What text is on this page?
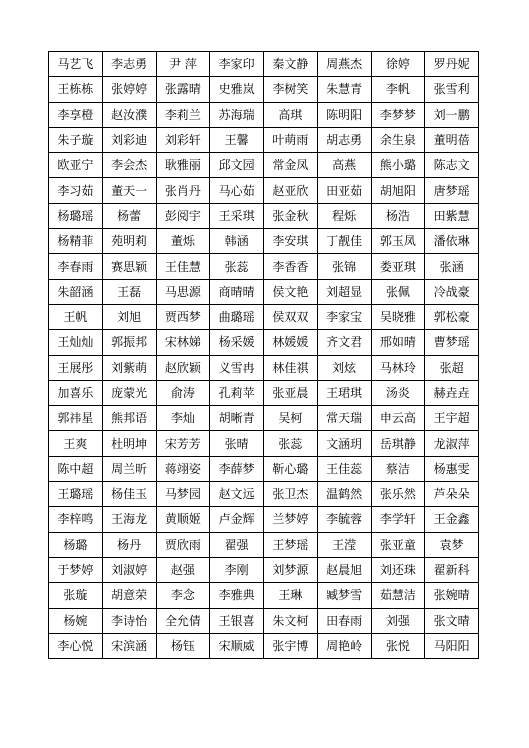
马艺飞	李志勇	尹 萍	李家印	秦文静	周燕杰	徐婷	罗丹妮
王栋栋	张婷婷	张露晴	史雅岚	李树笑	朱慧青	李帆	张雪利
李享橙	赵汝濮	李莉兰	苏海瑞	高琪	陈明阳	李梦梦	刘一鹏
朱子璇	刘彩迪	刘彩轩	王馨	叶萌雨	胡志勇	余生泉	董明蓓
欧亚宁	李会杰	耿雅丽	邱文园	常金凤	高燕	熊小璐	陈志文
李习茹	董天一	张肖丹	马心茹	赵亚欣	田亚茹	胡旭阳	唐梦瑶
杨璐瑶	杨蕾	彭阅宇	王采琪	张金秋	程烁	杨浩	田紫慧
杨精菲	苑明莉	董烁	韩涵	李安琪	丁靓佳	郭玉凤	潘依琳
李春雨	赛思颖	王佳慧	张蕊	李香香	张锦	娄亚琪	张涵
朱韶涵	王磊	马思源	商晴晴	侯文艳	刘超显	张佩	冷战豪
王帆	刘旭	贾西梦	曲璐瑶	侯双双	李家宝	吴晓雅	郭松豪
王灿灿	郭振邦	宋林娣	杨采媛	林媛媛	齐文君	邢如晴	曹梦瑶
王展彤	刘紫萌	赵欣颖	义雪冉	林佳祺	刘炫	马林玲	张超
加喜乐	庞蒙光	俞涛	孔莉苹	张亚晨	王珺琪	汤炎	赫垚垚
郭祎星	熊邦语	李灿	胡晰青	吴柯	常天瑞	申云高	王宇超
王爽	杜明坤	宋芳芳	张晴	张蕊	文涵玥	岳琪静	龙淑萍
陈中超	周兰昕	蒋翊姿	李薛梦	靳心璐	王佳蕊	蔡洁	杨惠雯
王璐瑶	杨佳玉	马梦园	赵文远	张卫杰	温鹤然	张乐然	芦朵朵
李梓鸣	王海龙	黄顺姬	卢金辉	兰梦婷	李毓蓉	李学轩	王金鑫
杨璐	杨丹	贾欣雨	翟强	王梦瑶	王滢	张亚童	袁梦
于梦婷	刘淑婷	赵强	李刚	刘梦源	赵晨旭	刘还珠	翟新科
张璇	胡意荣	李念	李雅典	王琳	臧梦雪	茹慧洁	张婉晴
杨婉	李诗怡	全允倩	王银喜	朱文柯	田春雨	刘强	张文晴
李心悦	宋滨涵	杨钰	宋顺威	张宇博	周艳岭	张悦	马阳阳
